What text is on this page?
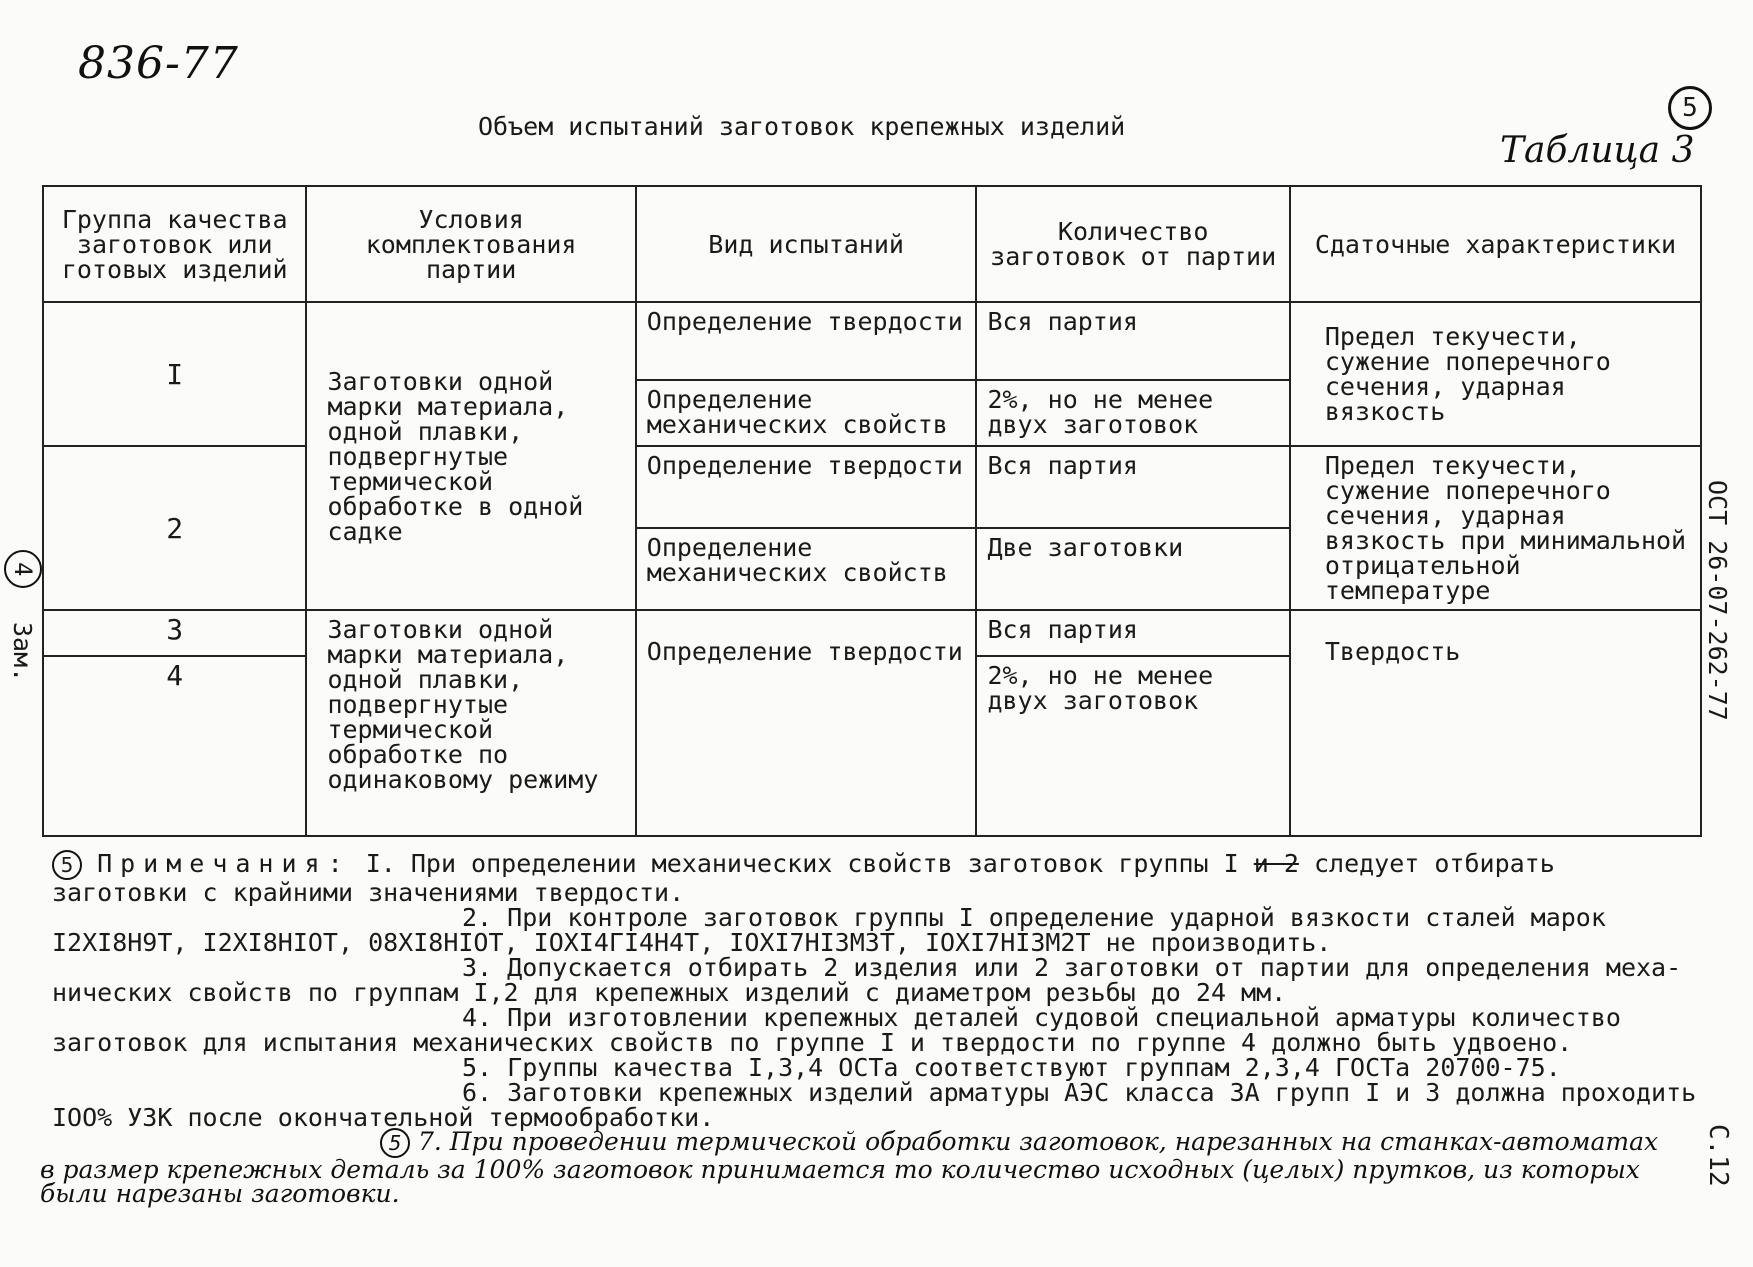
836-77
Объем испытаний заготовок крепежных изделий
5
Таблица 3
Группа качества заготовок или готовых изделий	Условия комплектования партии	Вид испытаний	Количество заготовок от партии	Сдаточные характеристики
I	Заготовки одной марки материала, одной плавки, подвергнутые термической обработке в одной садке	Определение твердости	Вся партия	Предел текучести, сужение поперечного сечения, ударная вязкость
		Определение механических свойств	2%, но не менее двух заготовок	
2		Определение твердости	Вся партия	Предел текучести, сужение поперечного сечения, ударная вязкость при минимальной отрицательной температуре
		Определение механических свойств	Две заготовки	
3	Заготовки одной марки материала, одной плавки, подвергнутые термической обработке по одинаковому режиму	Определение твердости	Вся партия	Твердость
4			2%, но не менее двух заготовок	

5 Примечания: I. При определении механических свойств заготовок группы I и 2 следует отбирать заготовки с крайними значениями твердости.

2. При контроле заготовок группы I определение ударной вязкости сталей марок

I2XI8H9T, I2XI8HIOT, 08XI8HIOT, IOXI4ГI4H4T, IOXI7HI3M3T, IOXI7HI3M2T не производить.

3. Допускается отбирать 2 изделия или 2 заготовки от партии для определения меха-

нических свойств по группам I,2 для крепежных изделий с диаметром резьбы до 24 мм.

4. При изготовлении крепежных деталей судовой специальной арматуры количество

заготовок для испытания механических свойств по группе I и твердости по группе 4 должно быть удвоено.

5. Группы качества I,3,4 ОСТа соответствуют группам 2,3,4 ГОСТа 20700-75.

6. Заготовки крепежных изделий арматуры АЭС класса 3А групп I и 3 должна проходить

IOO% УЗК после окончательной термообработки.

5 7. При проведении термической обработки заготовок, нарезанных на станках-автоматах в размер крепежных деталь за 100% заготовок принимается то количество исходных (целых) прутков, из которых были нарезаны заготовки.
ОСТ 26-07-262-77
С.12
4
Зам.
